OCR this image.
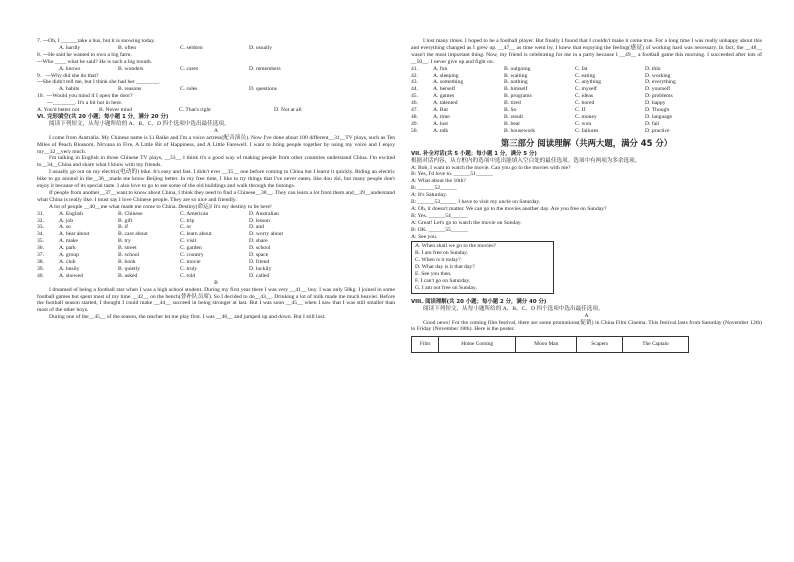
7. ---Oh, I ______take a bus, but it is snowing today.
A. hardly	B. often	C. seldom	D. usually
8. ---He said he wanted to own a big farm.
---Who ____ what he said? He is such a big mouth.
A. knows	B. wonders	C. cares	D. remembers
9.   ---Why did she do that?
---She didn't tell me, but I think she had her ________.
A. habits	B. reasons	C. rules	D. questions
10.  ---Would you mind if I open the door?
---________. It's a bit hot in here.
A. You'd better not	B. Never mind	C. That's right	D. Not at all
VI. 完形填空(共 20 小题；每小题 1 分，满分 20 分)
阅读下列短文，从每小题所给的 A、B、C、D 四个选项中选出最佳选项。
A
I come from Australia. My Chinese name is Li Baike and I'm a voice actress(配音演员). Now I've done about 100 different__31__TV plays, such as Ten Miles of Peach Blossom, Nirvana in Fire, A Little Bit of Happiness, and A Little Farewell. I want to bring people together by using my voice and I enjoy my__32__very much.
I'm talking in English in those Chinese TV plays, __33__ I think it's a good way of making people from other countries understand China. I'm excited to__34__China and share what I know with my friends.
I usually go out on my electric(电动的) bike. It's easy and fast. I didn't ever __35__ one before coming to China but I learnt it quickly. Riding an electric bike to go around in the__36__made me know Beijing better. In my free time, I like to try things that I've never eaten, like dou zhi, but many people don't enjoy it because of its special taste. I also love to go to see some of the old buildings and walk through the hutongs.
If people from another__37__want to know about China, I think they need to find a Chinese__38__. They can learn a lot from them and__39__understand what China is really like. I must say I love Chinese people. They are so nice and friendly.
A lot of people __40__me what made me come to China. Destiny(命运)! It's my destiny to be here!
31.	A. English	B. Chinese	C. American	D. Australian
32.	A. job	B. gift	C. trip	D. lesson
33.	A. so	B. if	C. or	D. and
34.	A. hear about	B. care about	C. learn about	D. worry about
35.	A. make	B. try	C. visit	D. share
36.	A. park	B. street	C. garden	D. school
37.	A. group	B. school	C. country	D. space
38.	A. club	B. book	C. movie	D. friend
39.	A. busily	B. quietly	C. truly	D. luckily
40.	A. showed	B. asked	C. told	D. called
B
I dreamed of being a football star when I was a high school student. During my first year there I was very __41__ buy. I was only 58kg. I joined in some football games but spent most of my time __42__ on the bench(替补队员席). So I decided to do__43__. Drinking a lot of milk made me much heavier. Before the football season started, I thought I could make __44__ succeed in being stronger at last. But I was soon __45__ when I saw that I was still smaller than most of the other boys.
During one of the__45__ of the season, the teacher let me play first. I was __46__ and jumped up and down. But I still lost.
I lost many times. I hoped to be a football player. But finally I found that I couldn't make it come true. For a long time I was really unhappy about this and everything changed as I grew up. __47__ as time went by, I knew that enjoying the feeling(感觉) of working hard was necessary. In fact, the __48__ wasn't the most important thing. Now, my friend is celebrating for me in a party because I __49__ a football game this morning. I succeeded after lots of __50__. I never give up and fight on.
41.	A. fun	B. outgoing	C. fat	D. thin
42.	A. sleeping	B. waiting	C. eating	D. working
43.	A. something	B. nothing	C. anything	D. everything
44.	A. herself	B. himself	C. myself	D. yourself
45.	A. games	B. programs	C. ideas	D. problems
46.	A. talented	B. tired	C. bored	D. happy
47.	A. But	B. So	C. If	D. Though
48.	A. time	B. result	C. money	D. language
49.	A. lost	B. beat	C. won	D. fail
50.	A. talk	B. housework	C. failures	D. practice
第三部分 阅读理解（共两大题，满分 45 分）
VII. 补全对话(共 5 小题；每小题 1 分，满分 5 分)
根据对话内容，从方框内的选项中选出能填入空白处的最佳选项。选项中有两项为多余选项。
A: Bob, I want to watch the movie. Can you go to the movies with me?
B: Yes, I'd love to. ______51______
A: What about the 10th?
B: ______52______
A: It's Saturday.
B: ______53______ I have to visit my uncle on Saturday.
A: Oh, it doesn't matter. We can go to the movies another day. Are you free on Sunday?
B: Yes. ______54______
A: Great! Let's go to watch the movie on Sunday.
B: OK. ______55______
A: See you.
A. When shall we go to the movies?
B. I am free on Sunday.
C. When is it today?
D. What day is it that day?
E. See you then.
F. I can't go on Saturday.
G. I am not free on Sunday.
VIII. 阅读理解(共 20 小题；每小题 2 分，满分 40 分)
阅读下列短文，从每小题所给的 A、B、C、D 四个选项中选出最佳选项。
A
Good news! For the coming film festival, there are some promotions(促销) in China Film Cinema. This festival lasts from Saturday (November 12th) to Friday (November 18th). Here is the poster.
Film	Home Coming	Moon Man	Scapers	The Captain
